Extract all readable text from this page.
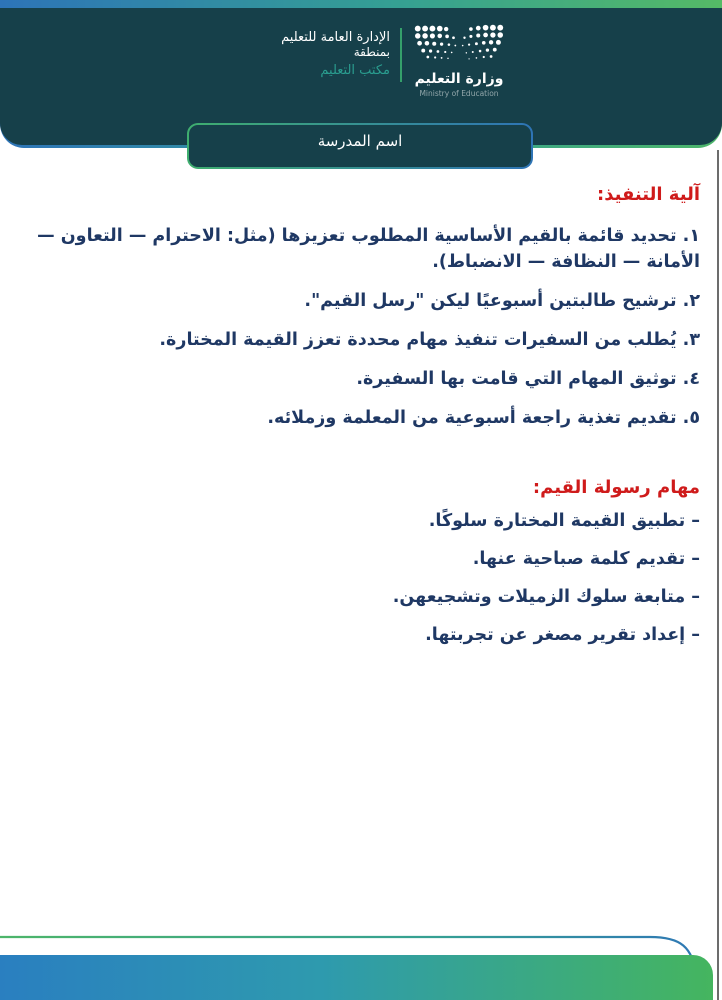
الإدارة العامة للتعليم
بمنطقة
مكتب التعليم
وزارة التعليم
Ministry of Education
اسم المدرسة
آلية التنفيذ:

١. تحديد قائمة بالقيم الأساسية المطلوب تعزيزها (مثل: الاحترام — التعاون — الأمانة — النظافة — الانضباط).

٢. ترشيح طالبتين أسبوعيًا ليكن "رسل القيم".

٣. يُطلب من السفيرات تنفيذ مهام محددة تعزز القيمة المختارة.

٤. توثيق المهام التي قامت بها السفيرة.

٥. تقديم تغذية راجعة أسبوعية من المعلمة وزملائه.

مهام رسولة القيم:

– تطبيق القيمة المختارة سلوكًا.

– تقديم كلمة صباحية عنها.

– متابعة سلوك الزميلات وتشجيعهن.

– إعداد تقرير مصغر عن تجربتها.
